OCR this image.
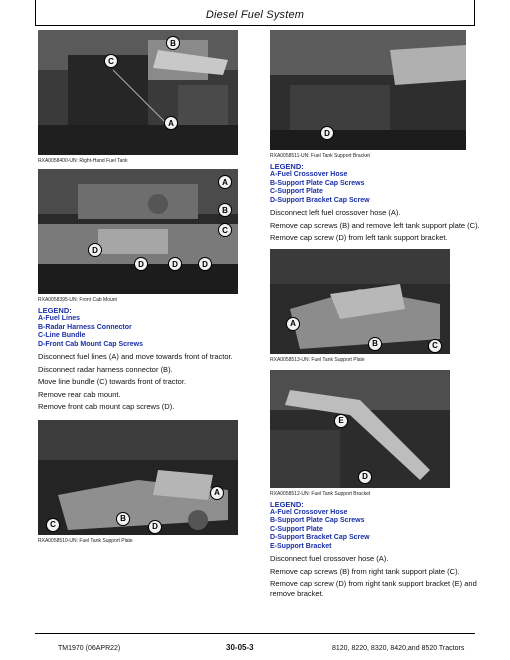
Diesel Fuel System
B
C
A
RXA0058400-UN: Right-Hand Fuel Tank
A
B
C
D
D	D	D
RXA0058395-UN: Front Cab Mount
LEGEND:
A-Fuel Lines
B-Radar Harness Connector
C-Line Bundle
D-Front Cab Mount Cap Screws
Disconnect fuel lines (A) and move towards front of tractor.
Disconnect radar harness connector (B).
Move line bundle (C) towards front of tractor.
Remove rear cab mount.
Remove front cab mount cap screws (D).
A
B
C	D
RXA0058510-UN: Fuel Tank Support Plate
D
RXA0058511-UN: Fuel Tank Support Bracket
LEGEND:
A-Fuel Crossover Hose
B-Support Plate Cap Screws
C-Support Plate
D-Support Bracket Cap Screw
Disconnect left fuel crossover hose (A).
Remove cap screws (B) and remove left tank support plate (C).
Remove cap screw (D) from left tank support bracket.
A
B	C
RXA0058513-UN: Fuel Tank Support Plate
E
D
RXA0058512-UN: Fuel Tank Support Bracket
LEGEND:
A-Fuel Crossover Hose
B-Support Plate Cap Screws
C-Support Plate
D-Support Bracket Cap Screw
E-Support Bracket
Disconnect fuel crossover hose (A).
Remove cap screws (B) from right tank support plate (C).
Remove cap screw (D) from right tank support bracket (E) and remove bracket.
TM1970 (06APR22)	30-05-3	8120, 8220, 8320, 8420,and 8520 Tractors
